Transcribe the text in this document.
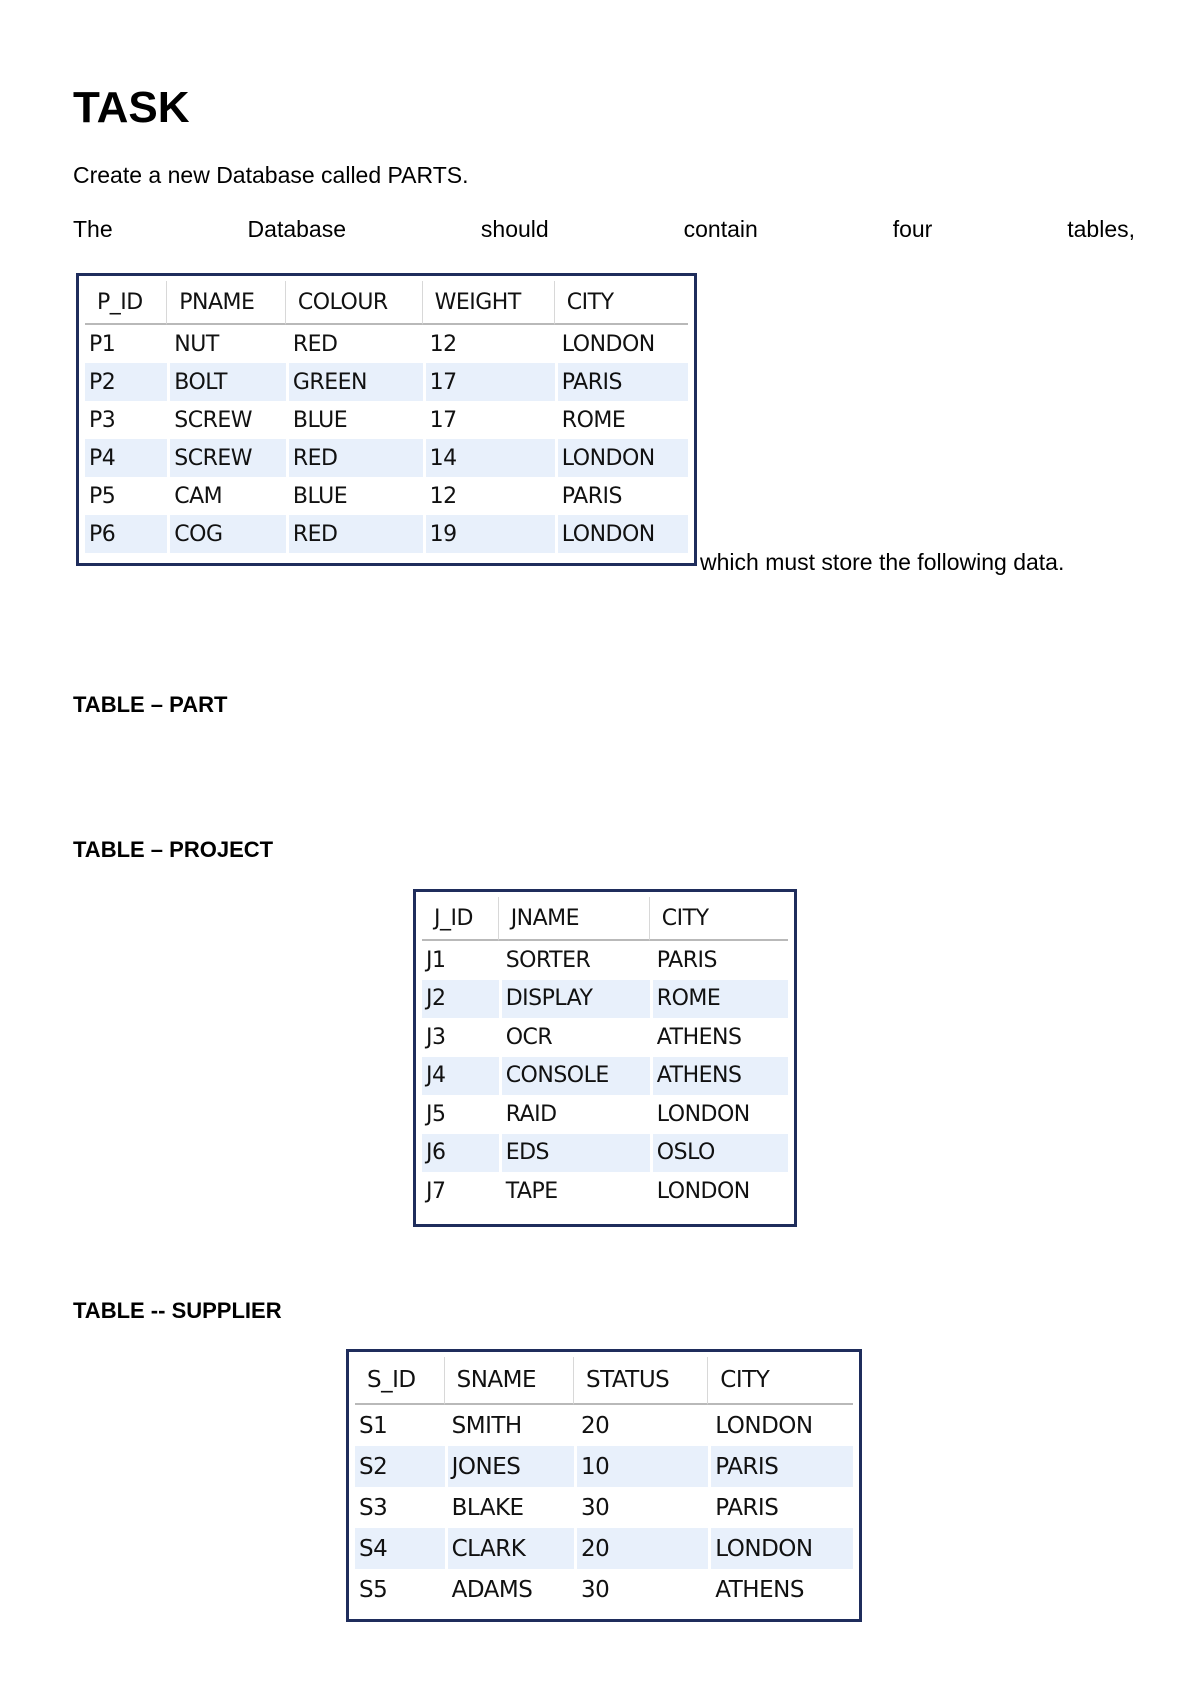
TASK

Create a new Database called PARTS.

The	Database	should	contain	four	tables,

P_ID	PNAME	COLOUR	WEIGHT	CITY
P1	NUT	RED	12	LONDON
P2	BOLT	GREEN	17	PARIS
P3	SCREW	BLUE	17	ROME
P4	SCREW	RED	14	LONDON
P5	CAM	BLUE	12	PARIS
P6	COG	RED	19	LONDON
which must store the following data.
TABLE – PART
TABLE – PROJECT
J_ID	JNAME	CITY
J1	SORTER	PARIS
J2	DISPLAY	ROME
J3	OCR	ATHENS
J4	CONSOLE	ATHENS
J5	RAID	LONDON
J6	EDS	OSLO
J7	TAPE	LONDON
TABLE -- SUPPLIER
S_ID	SNAME	STATUS	CITY
S1	SMITH	20	LONDON
S2	JONES	10	PARIS
S3	BLAKE	30	PARIS
S4	CLARK	20	LONDON
S5	ADAMS	30	ATHENS
